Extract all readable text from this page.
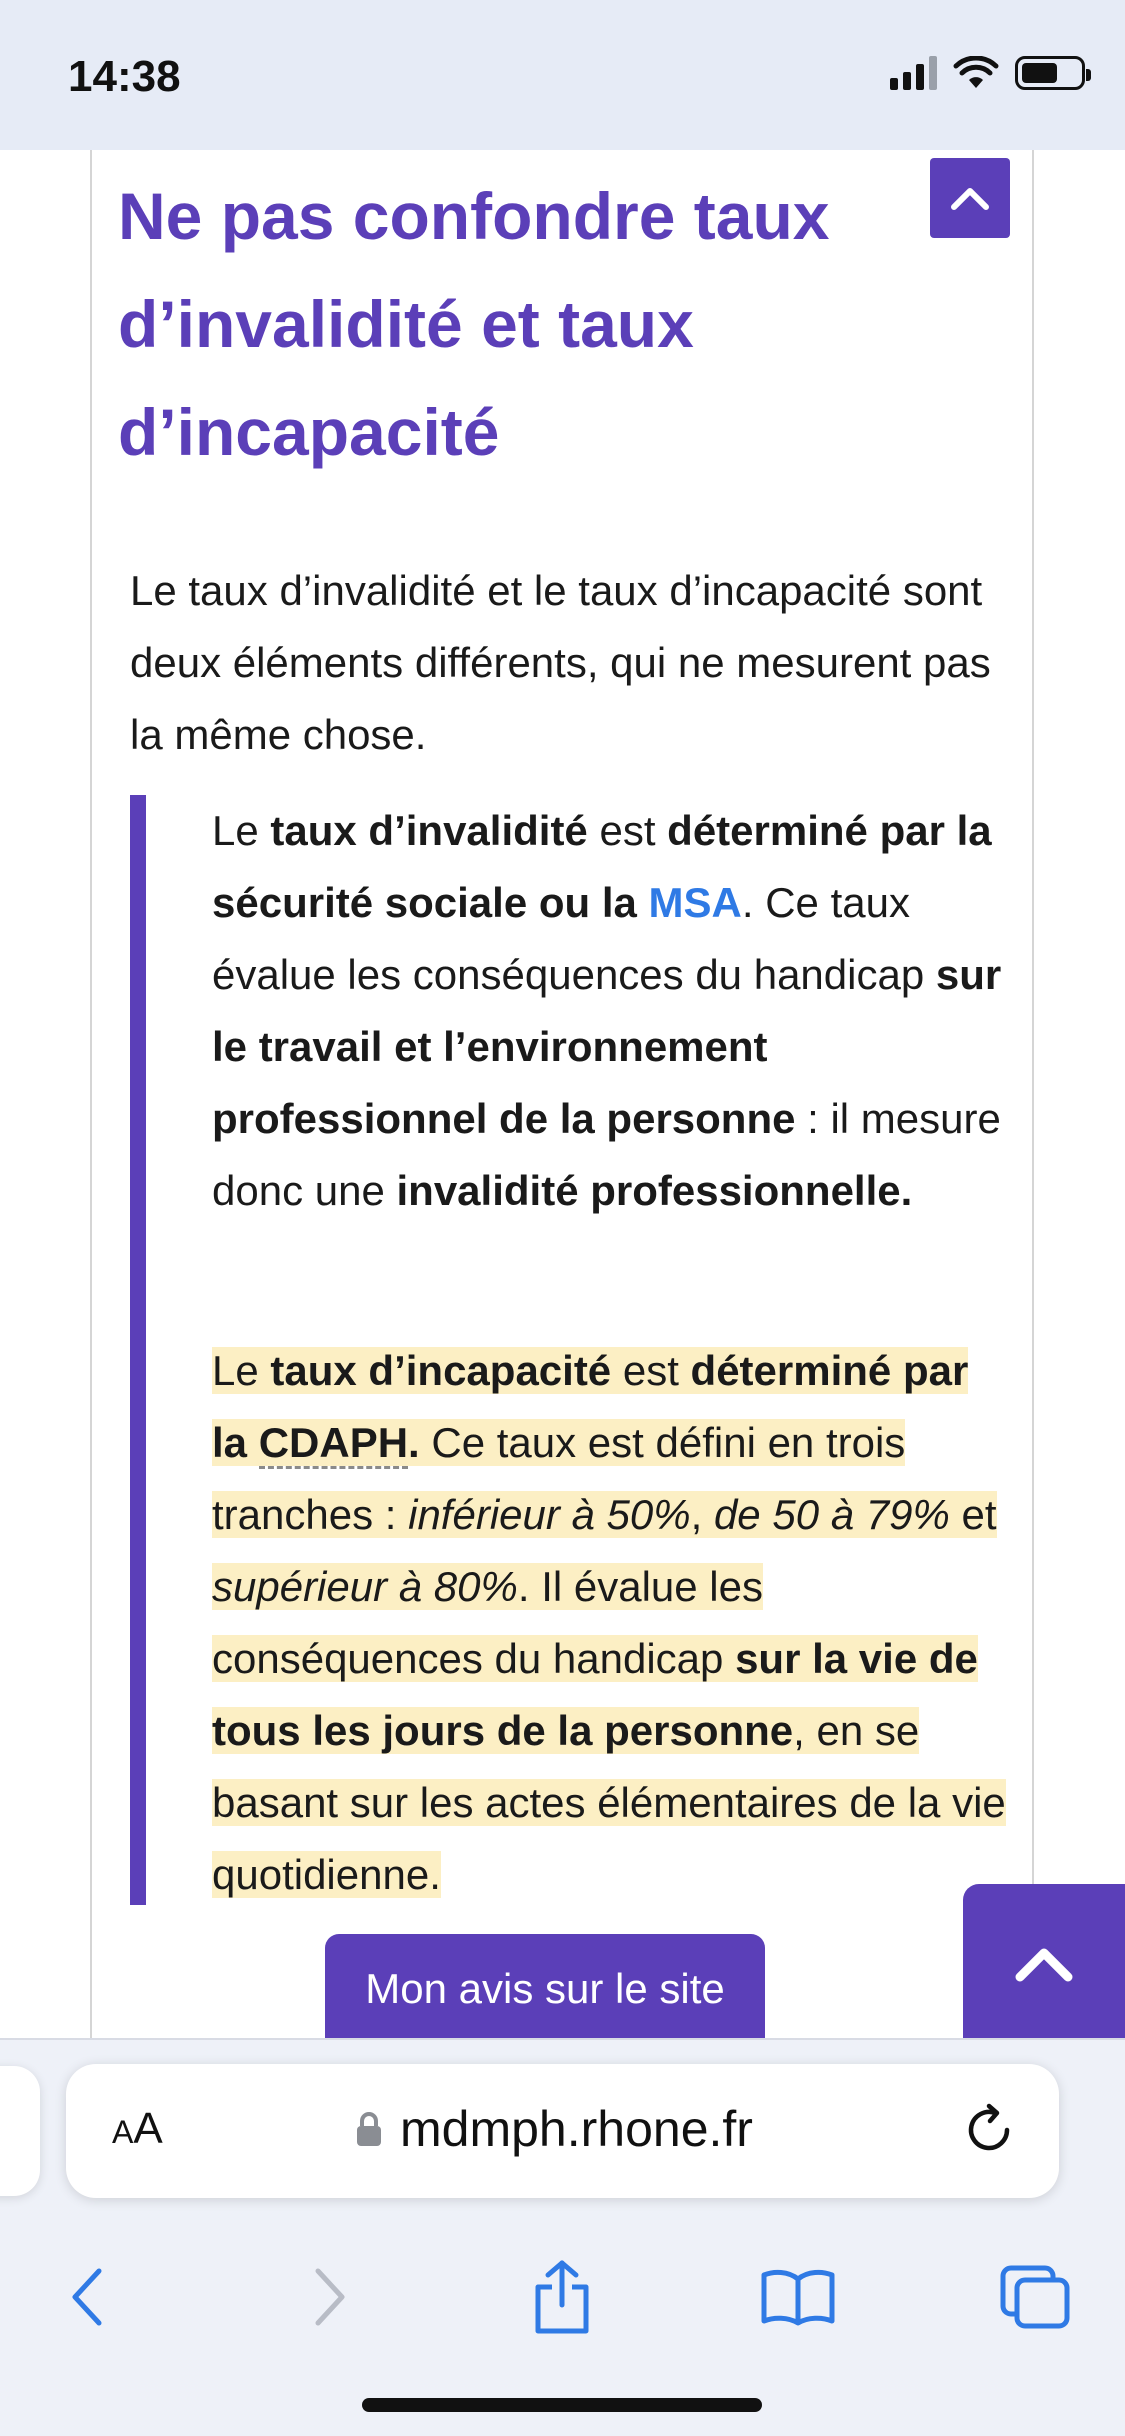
14:38
Ne pas confondre taux d’invalidité et taux d’incapacité

Le taux d’invalidité et le taux d’incapacité sont deux éléments différents, qui ne mesurent pas la même chose.

Le taux d’invalidité est déterminé par la sécurité sociale ou la MSA. Ce taux évalue les conséquences du handicap sur le travail et l’environnement professionnel de la personne : il mesure donc une invalidité professionnelle.

Le taux d’incapacité est déterminé par la CDAPH. Ce taux est défini en trois tranches : inférieur à 50%, de 50 à 79% et supérieur à 80%. Il évalue les conséquences du handicap sur la vie de tous les jours de la personne, en se basant sur les actes élémentaires de la vie quotidienne.

Mon avis sur le site
A A	mdmph.rhone.fr
